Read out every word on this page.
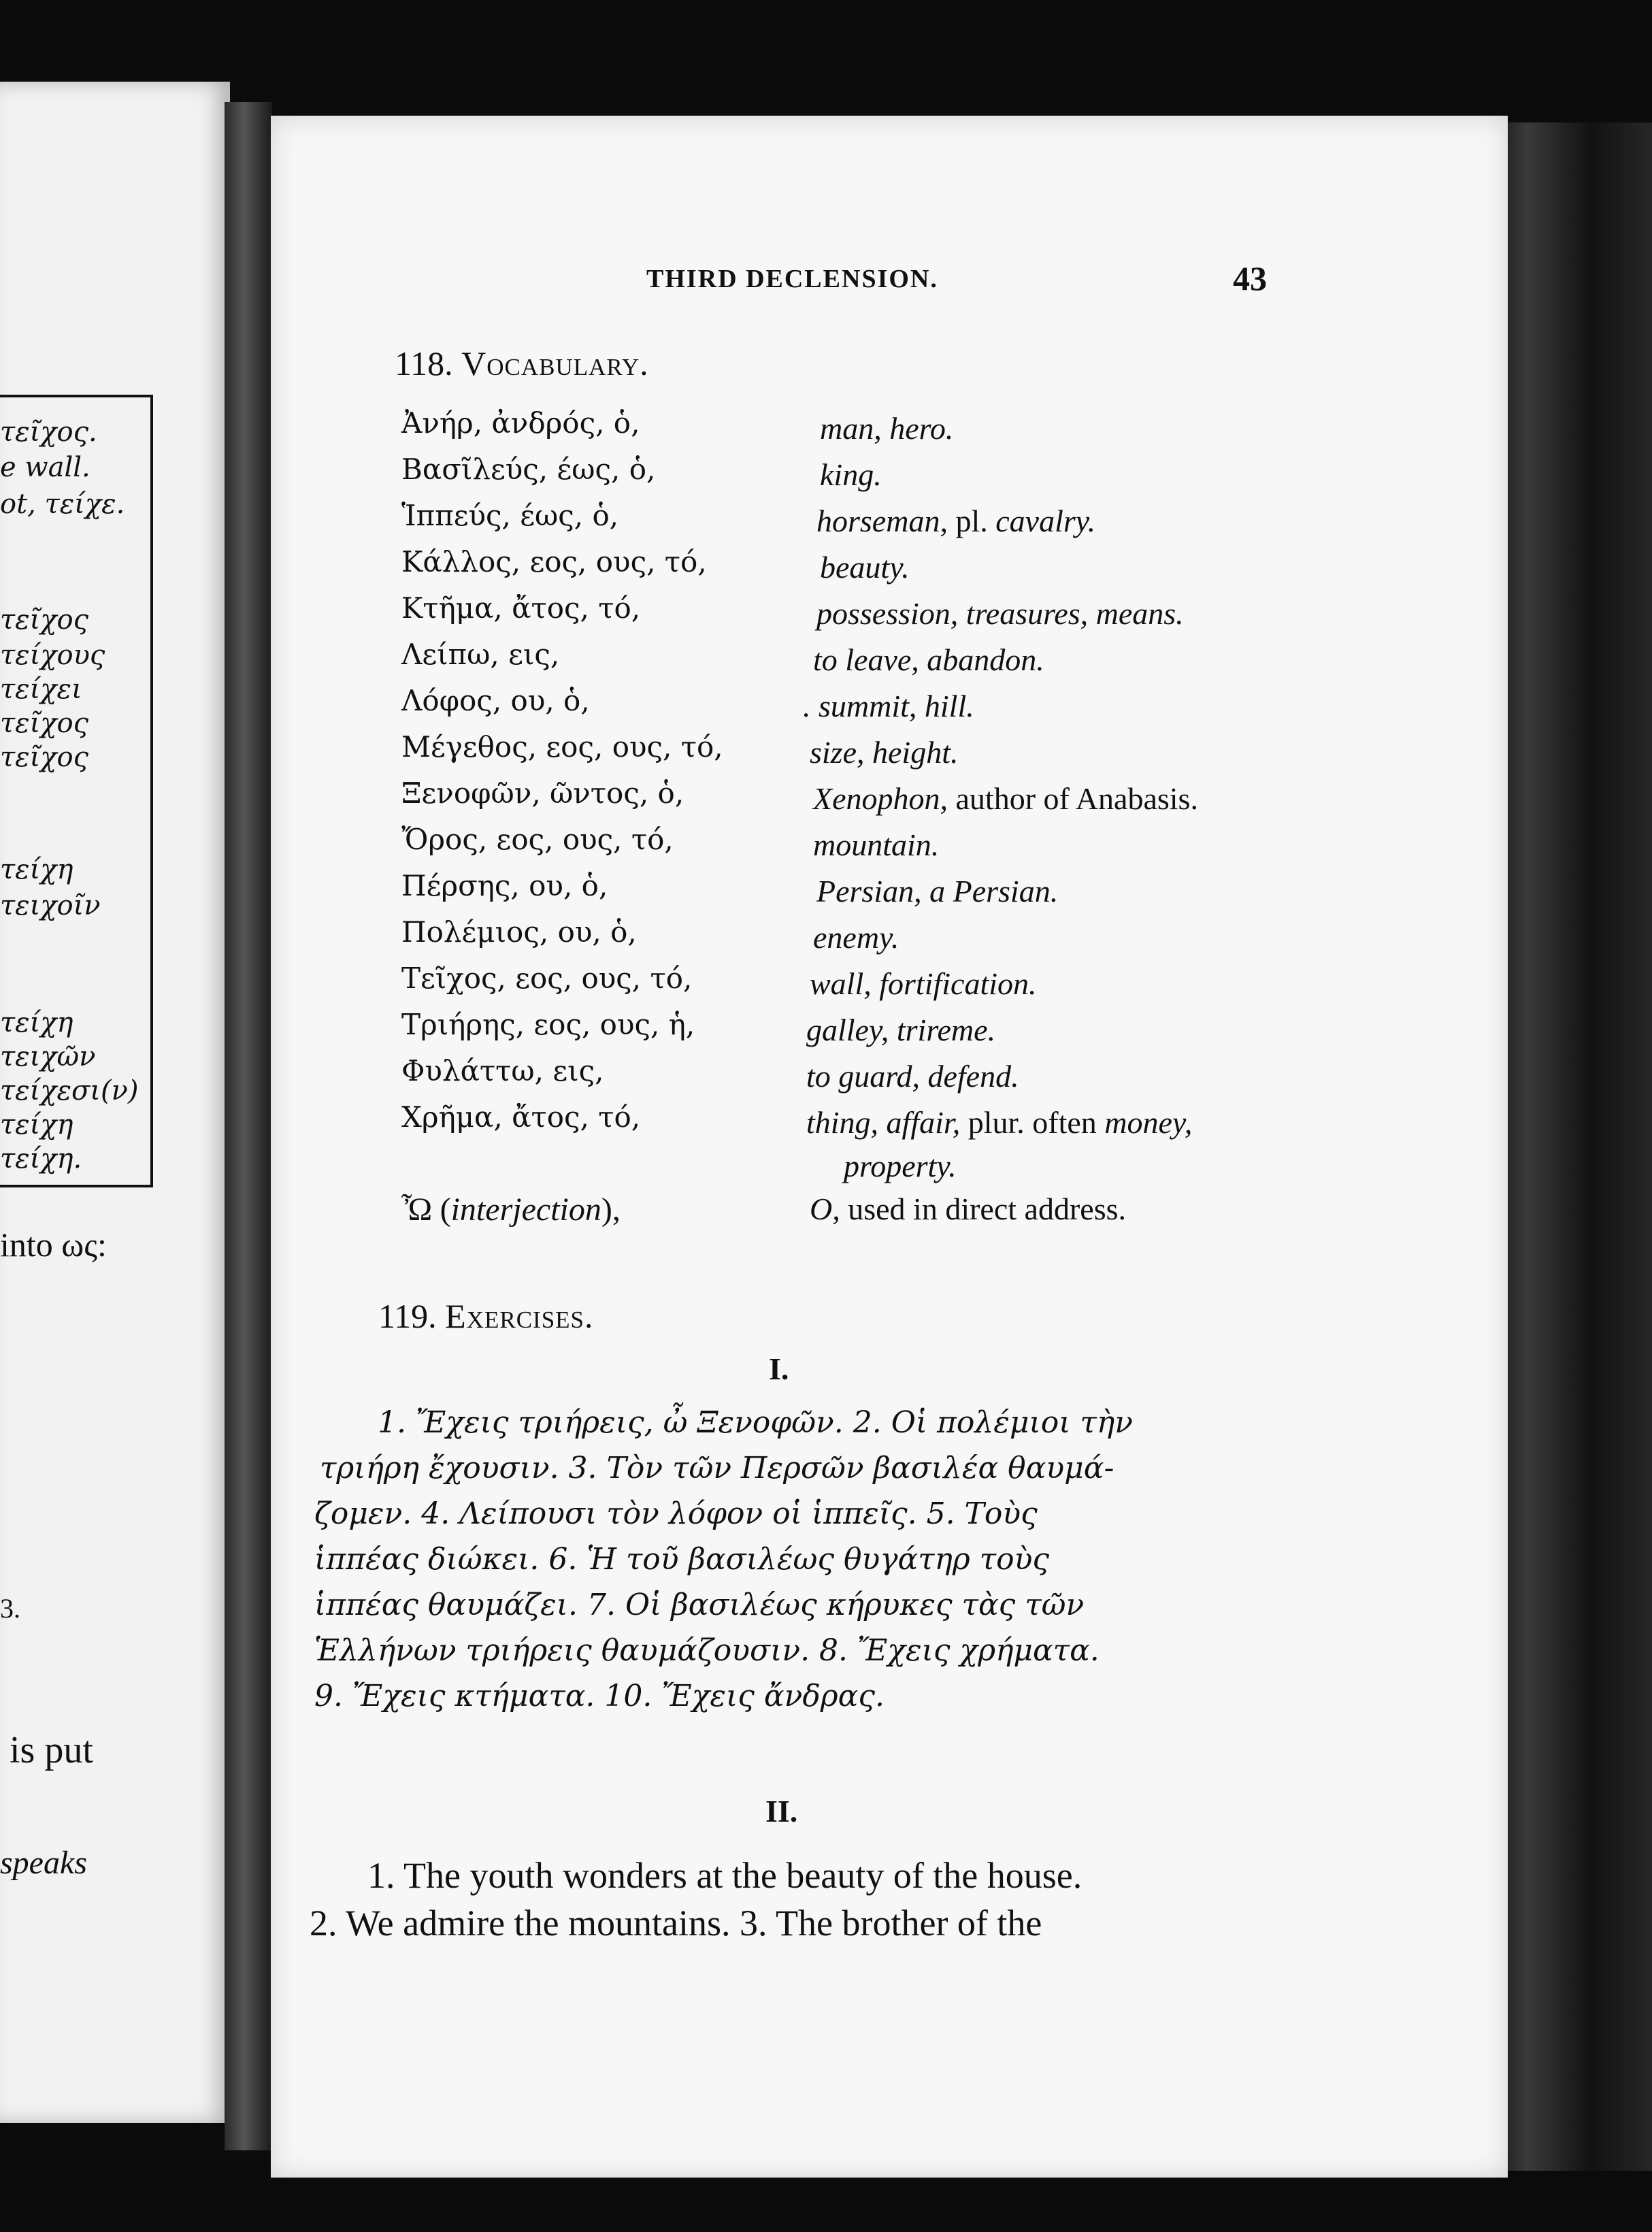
τεῖχος.
e wall.
ot, τείχε.
τεῖχος
τείχους
τείχει
τεῖχος
τεῖχος
τείχη
τειχοῖν
τείχη
τειχῶν
τείχεσι(ν)
τείχη
τείχη.
into ως:
3.
is put
speaks
THIRD DECLENSION.	43
118. Vocabulary.
Ἀνήρ, ἀνδρός, ὁ,
Βασῖλεύς, έως, ὁ,
Ἱππεύς, έως, ὁ,
Κάλλος, εος, ους, τό,
Κτῆμα, ἄτος, τό,
Λείπω, εις,
Λόφος, ου, ὁ,
Μέγεθος, εος, ους, τό,
Ξενοφῶν, ῶντος, ὁ,
Ὄρος, εος, ους, τό,
Πέρσης, ου, ὁ,
Πολέμιος, ου, ὁ,
Τεῖχος, εος, ους, τό,
Τριήρης, εος, ους, ἡ,
Φυλάττω, εις,
Χρῆμα, ἄτος, τό,
Ὦ (interjection),
man, hero.
king.
horseman, pl. cavalry.
beauty.
possession, treasures, means.
to leave, abandon.
. summit, hill.
size, height.
Xenophon, author of Anabasis.
mountain.
Persian, a Persian.
enemy.
wall, fortification.
galley, trireme.
to guard, defend.
thing, affair, plur. often money,
property.
O, used in direct address.
119. Exercises.
I.
1. Ἔχεις τριήρεις, ὦ Ξενοφῶν. 2. Οἱ πολέμιοι τὴν
τριήρη ἔχουσιν. 3. Τὸν τῶν Περσῶν βασιλέα θαυμά-
ζομεν. 4. Λείπουσι τὸν λόφον οἱ ἱππεῖς. 5. Τοὺς
ἱππέας διώκει. 6. Ἡ τοῦ βασιλέως θυγάτηρ τοὺς
ἱππέας θαυμάζει. 7. Οἱ βασιλέως κήρυκες τὰς τῶν
Ἑλλήνων τριήρεις θαυμάζουσιν. 8. Ἔχεις χρήματα.
9. Ἔχεις κτήματα. 10. Ἔχεις ἄνδρας.
II.
1. The youth wonders at the beauty of the house.
2. We admire the mountains. 3. The brother of the
